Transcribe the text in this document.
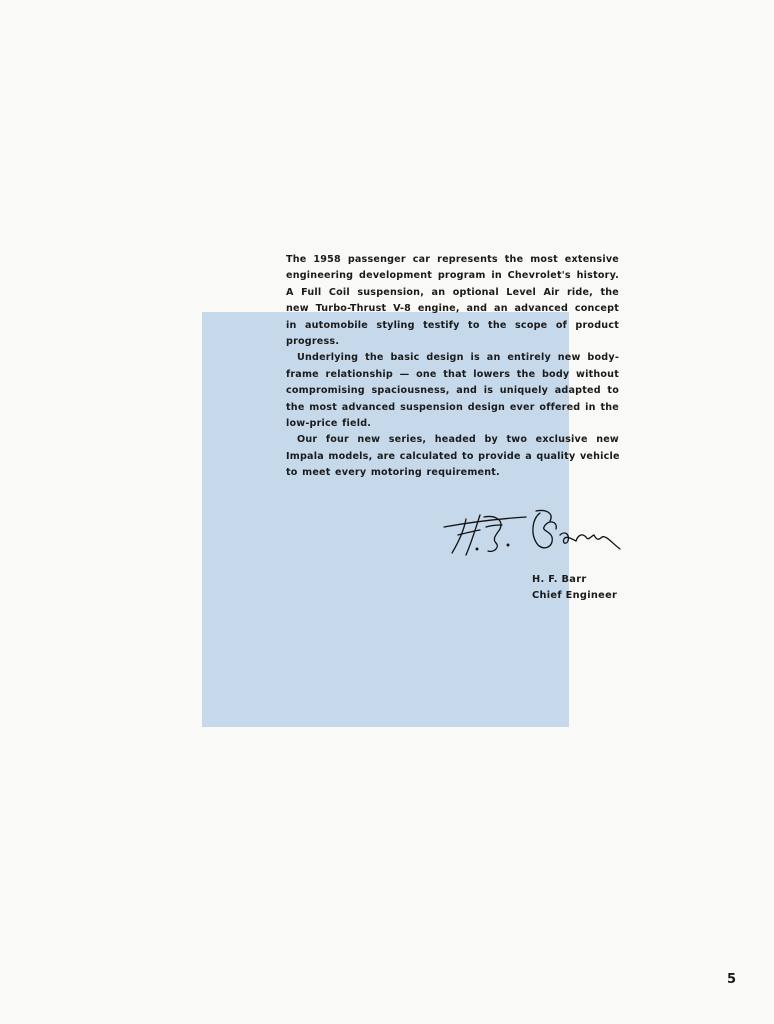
The 1958 passenger car represents the most extensive
engineering development program in Chevrolet's history.
A Full Coil suspension, an optional Level Air ride, the
new Turbo-Thrust V-8 engine, and an advanced concept
in automobile styling testify to the scope of product
progress.
Underlying the basic design is an entirely new body-
frame relationship — one that lowers the body without
compromising spaciousness, and is uniquely adapted to
the most advanced suspension design ever offered in the
low-price field.
Our four new series, headed by two exclusive new
Impala models, are calculated to provide a quality vehicle
to meet every motoring requirement.
H. F. Barr
Chief Engineer
5
